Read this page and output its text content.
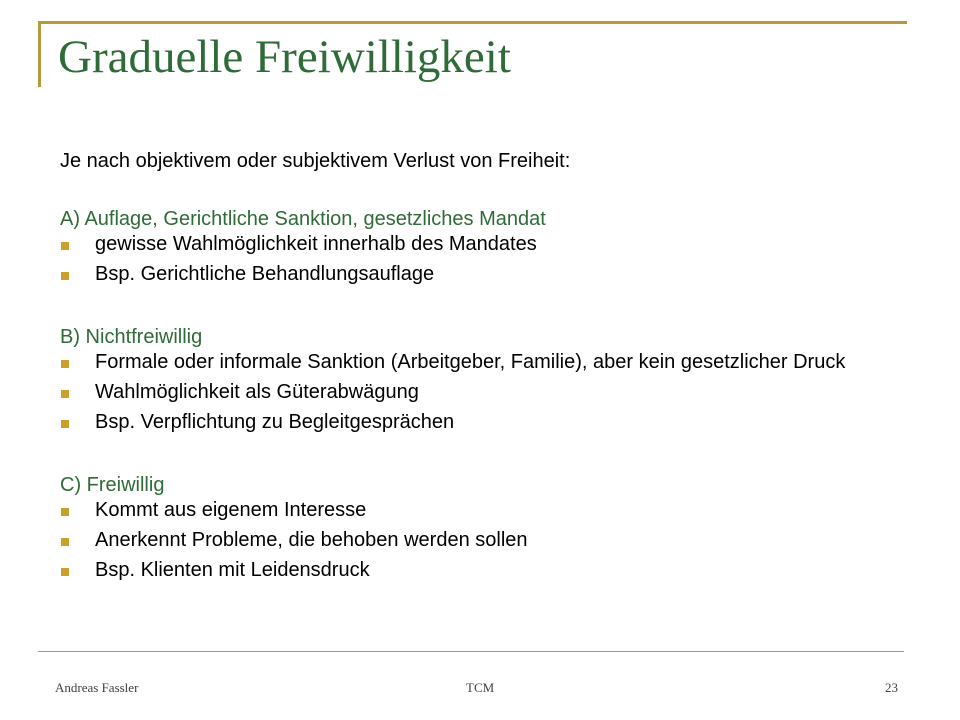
Graduelle Freiwilligkeit

Je nach objektivem oder subjektivem Verlust von Freiheit:

A) Auflage, Gerichtliche Sanktion, gesetzliches Mandat

gewisse Wahlmöglichkeit innerhalb des Mandates
Bsp. Gerichtliche Behandlungsauflage

B) Nichtfreiwillig

Formale oder informale Sanktion (Arbeitgeber, Familie), aber kein gesetzlicher Druck
Wahlmöglichkeit als Güterabwägung
Bsp. Verpflichtung zu Begleitgesprächen

C) Freiwillig

Kommt aus eigenem Interesse
Anerkennt Probleme, die behoben werden sollen
Bsp. Klienten mit Leidensdruck
Andreas Fassler	TCM	23
